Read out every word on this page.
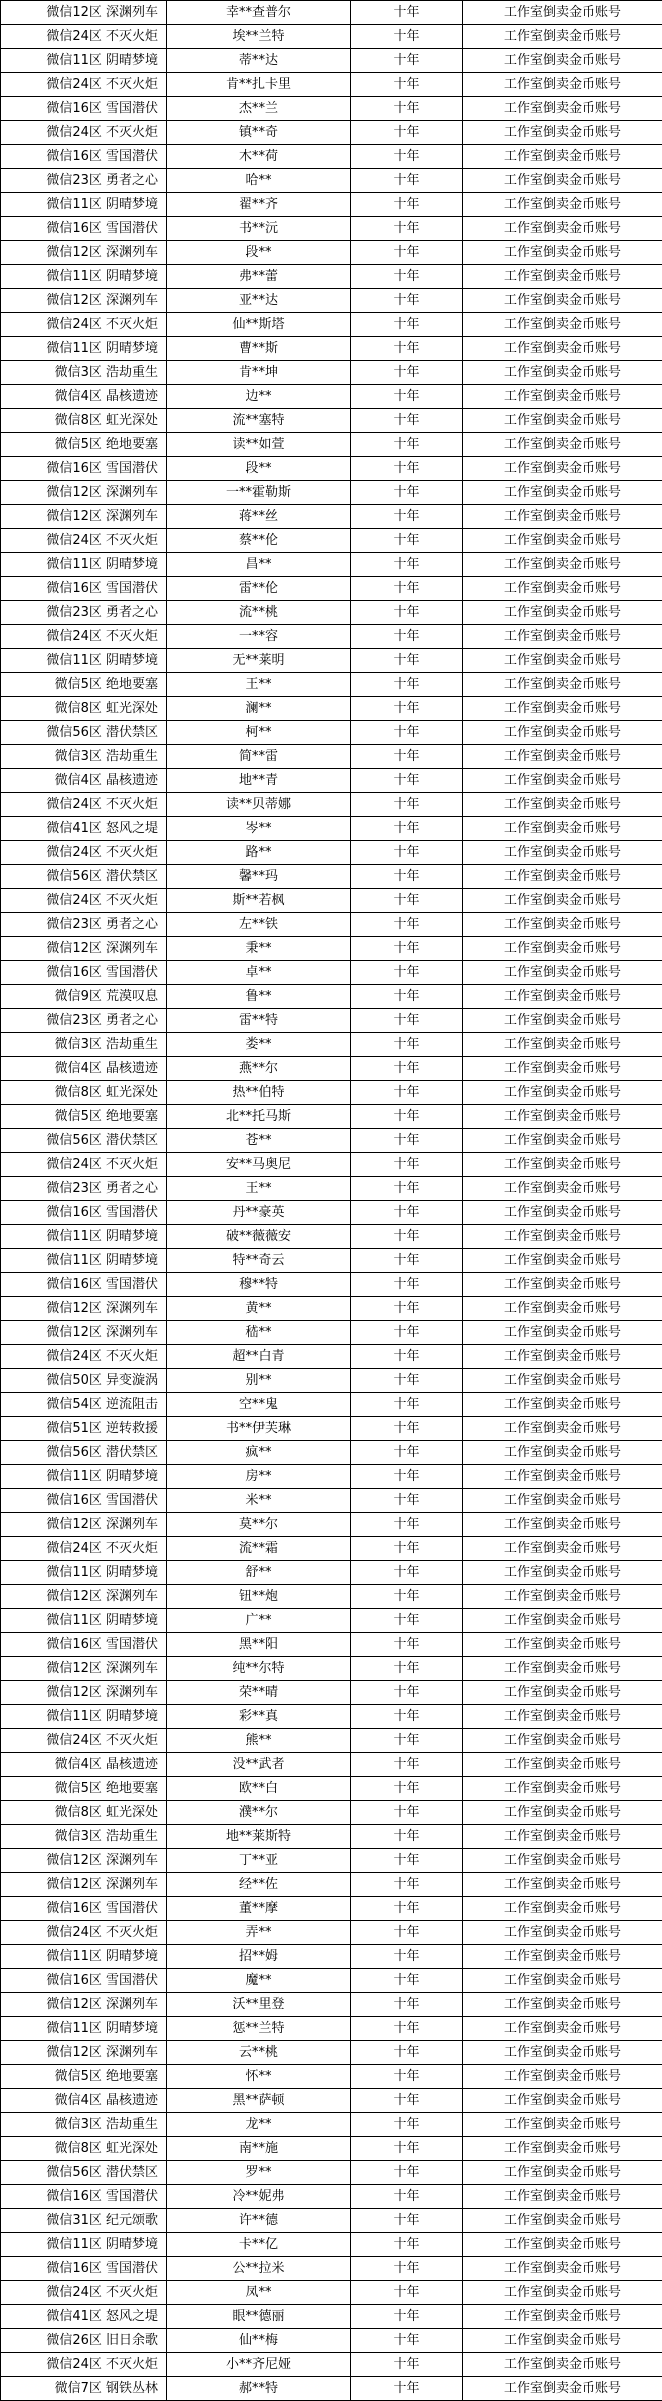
微信12区 深渊列车	幸**查普尔	十年	工作室倒卖金币账号
微信24区 不灭火炬	埃**兰特	十年	工作室倒卖金币账号
微信11区 阴晴梦境	蒂**达	十年	工作室倒卖金币账号
微信24区 不灭火炬	肯**扎卡里	十年	工作室倒卖金币账号
微信16区 雪国潜伏	杰**兰	十年	工作室倒卖金币账号
微信24区 不灭火炬	镇**奇	十年	工作室倒卖金币账号
微信16区 雪国潜伏	木**荷	十年	工作室倒卖金币账号
微信23区 勇者之心	哈**	十年	工作室倒卖金币账号
微信11区 阴晴梦境	翟**齐	十年	工作室倒卖金币账号
微信16区 雪国潜伏	书**沅	十年	工作室倒卖金币账号
微信12区 深渊列车	段**	十年	工作室倒卖金币账号
微信11区 阴晴梦境	弗**蕾	十年	工作室倒卖金币账号
微信12区 深渊列车	亚**达	十年	工作室倒卖金币账号
微信24区 不灭火炬	仙**斯塔	十年	工作室倒卖金币账号
微信11区 阴晴梦境	曹**斯	十年	工作室倒卖金币账号
微信3区 浩劫重生	肯**坤	十年	工作室倒卖金币账号
微信4区 晶核遗迹	边**	十年	工作室倒卖金币账号
微信8区 虹光深处	流**塞特	十年	工作室倒卖金币账号
微信5区 绝地要塞	读**如萱	十年	工作室倒卖金币账号
微信16区 雪国潜伏	段**	十年	工作室倒卖金币账号
微信12区 深渊列车	一**霍勒斯	十年	工作室倒卖金币账号
微信12区 深渊列车	蒋**丝	十年	工作室倒卖金币账号
微信24区 不灭火炬	蔡**伦	十年	工作室倒卖金币账号
微信11区 阴晴梦境	昌**	十年	工作室倒卖金币账号
微信16区 雪国潜伏	雷**伦	十年	工作室倒卖金币账号
微信23区 勇者之心	流**桃	十年	工作室倒卖金币账号
微信24区 不灭火炬	一**容	十年	工作室倒卖金币账号
微信11区 阴晴梦境	无**莱明	十年	工作室倒卖金币账号
微信5区 绝地要塞	王**	十年	工作室倒卖金币账号
微信8区 虹光深处	澜**	十年	工作室倒卖金币账号
微信56区 潜伏禁区	柯**	十年	工作室倒卖金币账号
微信3区 浩劫重生	简**雷	十年	工作室倒卖金币账号
微信4区 晶核遗迹	地**青	十年	工作室倒卖金币账号
微信24区 不灭火炬	读**贝蒂娜	十年	工作室倒卖金币账号
微信41区 怒风之堤	岑**	十年	工作室倒卖金币账号
微信24区 不灭火炬	路**	十年	工作室倒卖金币账号
微信56区 潜伏禁区	馨**玛	十年	工作室倒卖金币账号
微信24区 不灭火炬	斯**若枫	十年	工作室倒卖金币账号
微信23区 勇者之心	左**铁	十年	工作室倒卖金币账号
微信12区 深渊列车	秉**	十年	工作室倒卖金币账号
微信16区 雪国潜伏	卓**	十年	工作室倒卖金币账号
微信9区 荒漠叹息	鲁**	十年	工作室倒卖金币账号
微信23区 勇者之心	雷**特	十年	工作室倒卖金币账号
微信3区 浩劫重生	娄**	十年	工作室倒卖金币账号
微信4区 晶核遗迹	燕**尔	十年	工作室倒卖金币账号
微信8区 虹光深处	热**伯特	十年	工作室倒卖金币账号
微信5区 绝地要塞	北**托马斯	十年	工作室倒卖金币账号
微信56区 潜伏禁区	苍**	十年	工作室倒卖金币账号
微信24区 不灭火炬	安**马奥尼	十年	工作室倒卖金币账号
微信23区 勇者之心	王**	十年	工作室倒卖金币账号
微信16区 雪国潜伏	丹**豪英	十年	工作室倒卖金币账号
微信11区 阴晴梦境	破**薇薇安	十年	工作室倒卖金币账号
微信11区 阴晴梦境	特**奇云	十年	工作室倒卖金币账号
微信16区 雪国潜伏	穆**特	十年	工作室倒卖金币账号
微信12区 深渊列车	黄**	十年	工作室倒卖金币账号
微信12区 深渊列车	嵇**	十年	工作室倒卖金币账号
微信24区 不灭火炬	超**白青	十年	工作室倒卖金币账号
微信50区 异变漩涡	别**	十年	工作室倒卖金币账号
微信54区 逆流阻击	空**鬼	十年	工作室倒卖金币账号
微信51区 逆转救援	书**伊芙琳	十年	工作室倒卖金币账号
微信56区 潜伏禁区	疯**	十年	工作室倒卖金币账号
微信11区 阴晴梦境	房**	十年	工作室倒卖金币账号
微信16区 雪国潜伏	米**	十年	工作室倒卖金币账号
微信12区 深渊列车	莫**尔	十年	工作室倒卖金币账号
微信24区 不灭火炬	流**霜	十年	工作室倒卖金币账号
微信11区 阴晴梦境	舒**	十年	工作室倒卖金币账号
微信12区 深渊列车	钮**炮	十年	工作室倒卖金币账号
微信11区 阴晴梦境	广**	十年	工作室倒卖金币账号
微信16区 雪国潜伏	黑**阳	十年	工作室倒卖金币账号
微信12区 深渊列车	纯**尔特	十年	工作室倒卖金币账号
微信12区 深渊列车	荣**晴	十年	工作室倒卖金币账号
微信11区 阴晴梦境	彩**真	十年	工作室倒卖金币账号
微信24区 不灭火炬	熊**	十年	工作室倒卖金币账号
微信4区 晶核遗迹	没**武者	十年	工作室倒卖金币账号
微信5区 绝地要塞	欧**白	十年	工作室倒卖金币账号
微信8区 虹光深处	濮**尔	十年	工作室倒卖金币账号
微信3区 浩劫重生	地**莱斯特	十年	工作室倒卖金币账号
微信12区 深渊列车	丁**亚	十年	工作室倒卖金币账号
微信12区 深渊列车	经**佐	十年	工作室倒卖金币账号
微信16区 雪国潜伏	董**摩	十年	工作室倒卖金币账号
微信24区 不灭火炬	弄**	十年	工作室倒卖金币账号
微信11区 阴晴梦境	招**姆	十年	工作室倒卖金币账号
微信16区 雪国潜伏	魔**	十年	工作室倒卖金币账号
微信12区 深渊列车	沃**里登	十年	工作室倒卖金币账号
微信11区 阴晴梦境	惩**兰特	十年	工作室倒卖金币账号
微信12区 深渊列车	云**桃	十年	工作室倒卖金币账号
微信5区 绝地要塞	怀**	十年	工作室倒卖金币账号
微信4区 晶核遗迹	黑**萨顿	十年	工作室倒卖金币账号
微信3区 浩劫重生	龙**	十年	工作室倒卖金币账号
微信8区 虹光深处	南**施	十年	工作室倒卖金币账号
微信56区 潜伏禁区	罗**	十年	工作室倒卖金币账号
微信16区 雪国潜伏	冷**妮弗	十年	工作室倒卖金币账号
微信31区 纪元颂歌	许**德	十年	工作室倒卖金币账号
微信11区 阴晴梦境	卡**亿	十年	工作室倒卖金币账号
微信16区 雪国潜伏	公**拉米	十年	工作室倒卖金币账号
微信24区 不灭火炬	凤**	十年	工作室倒卖金币账号
微信41区 怒风之堤	眼**德丽	十年	工作室倒卖金币账号
微信26区 旧日余歌	仙**梅	十年	工作室倒卖金币账号
微信24区 不灭火炬	小**齐尼娅	十年	工作室倒卖金币账号
微信7区 钢铁丛林	郝**特	十年	工作室倒卖金币账号
